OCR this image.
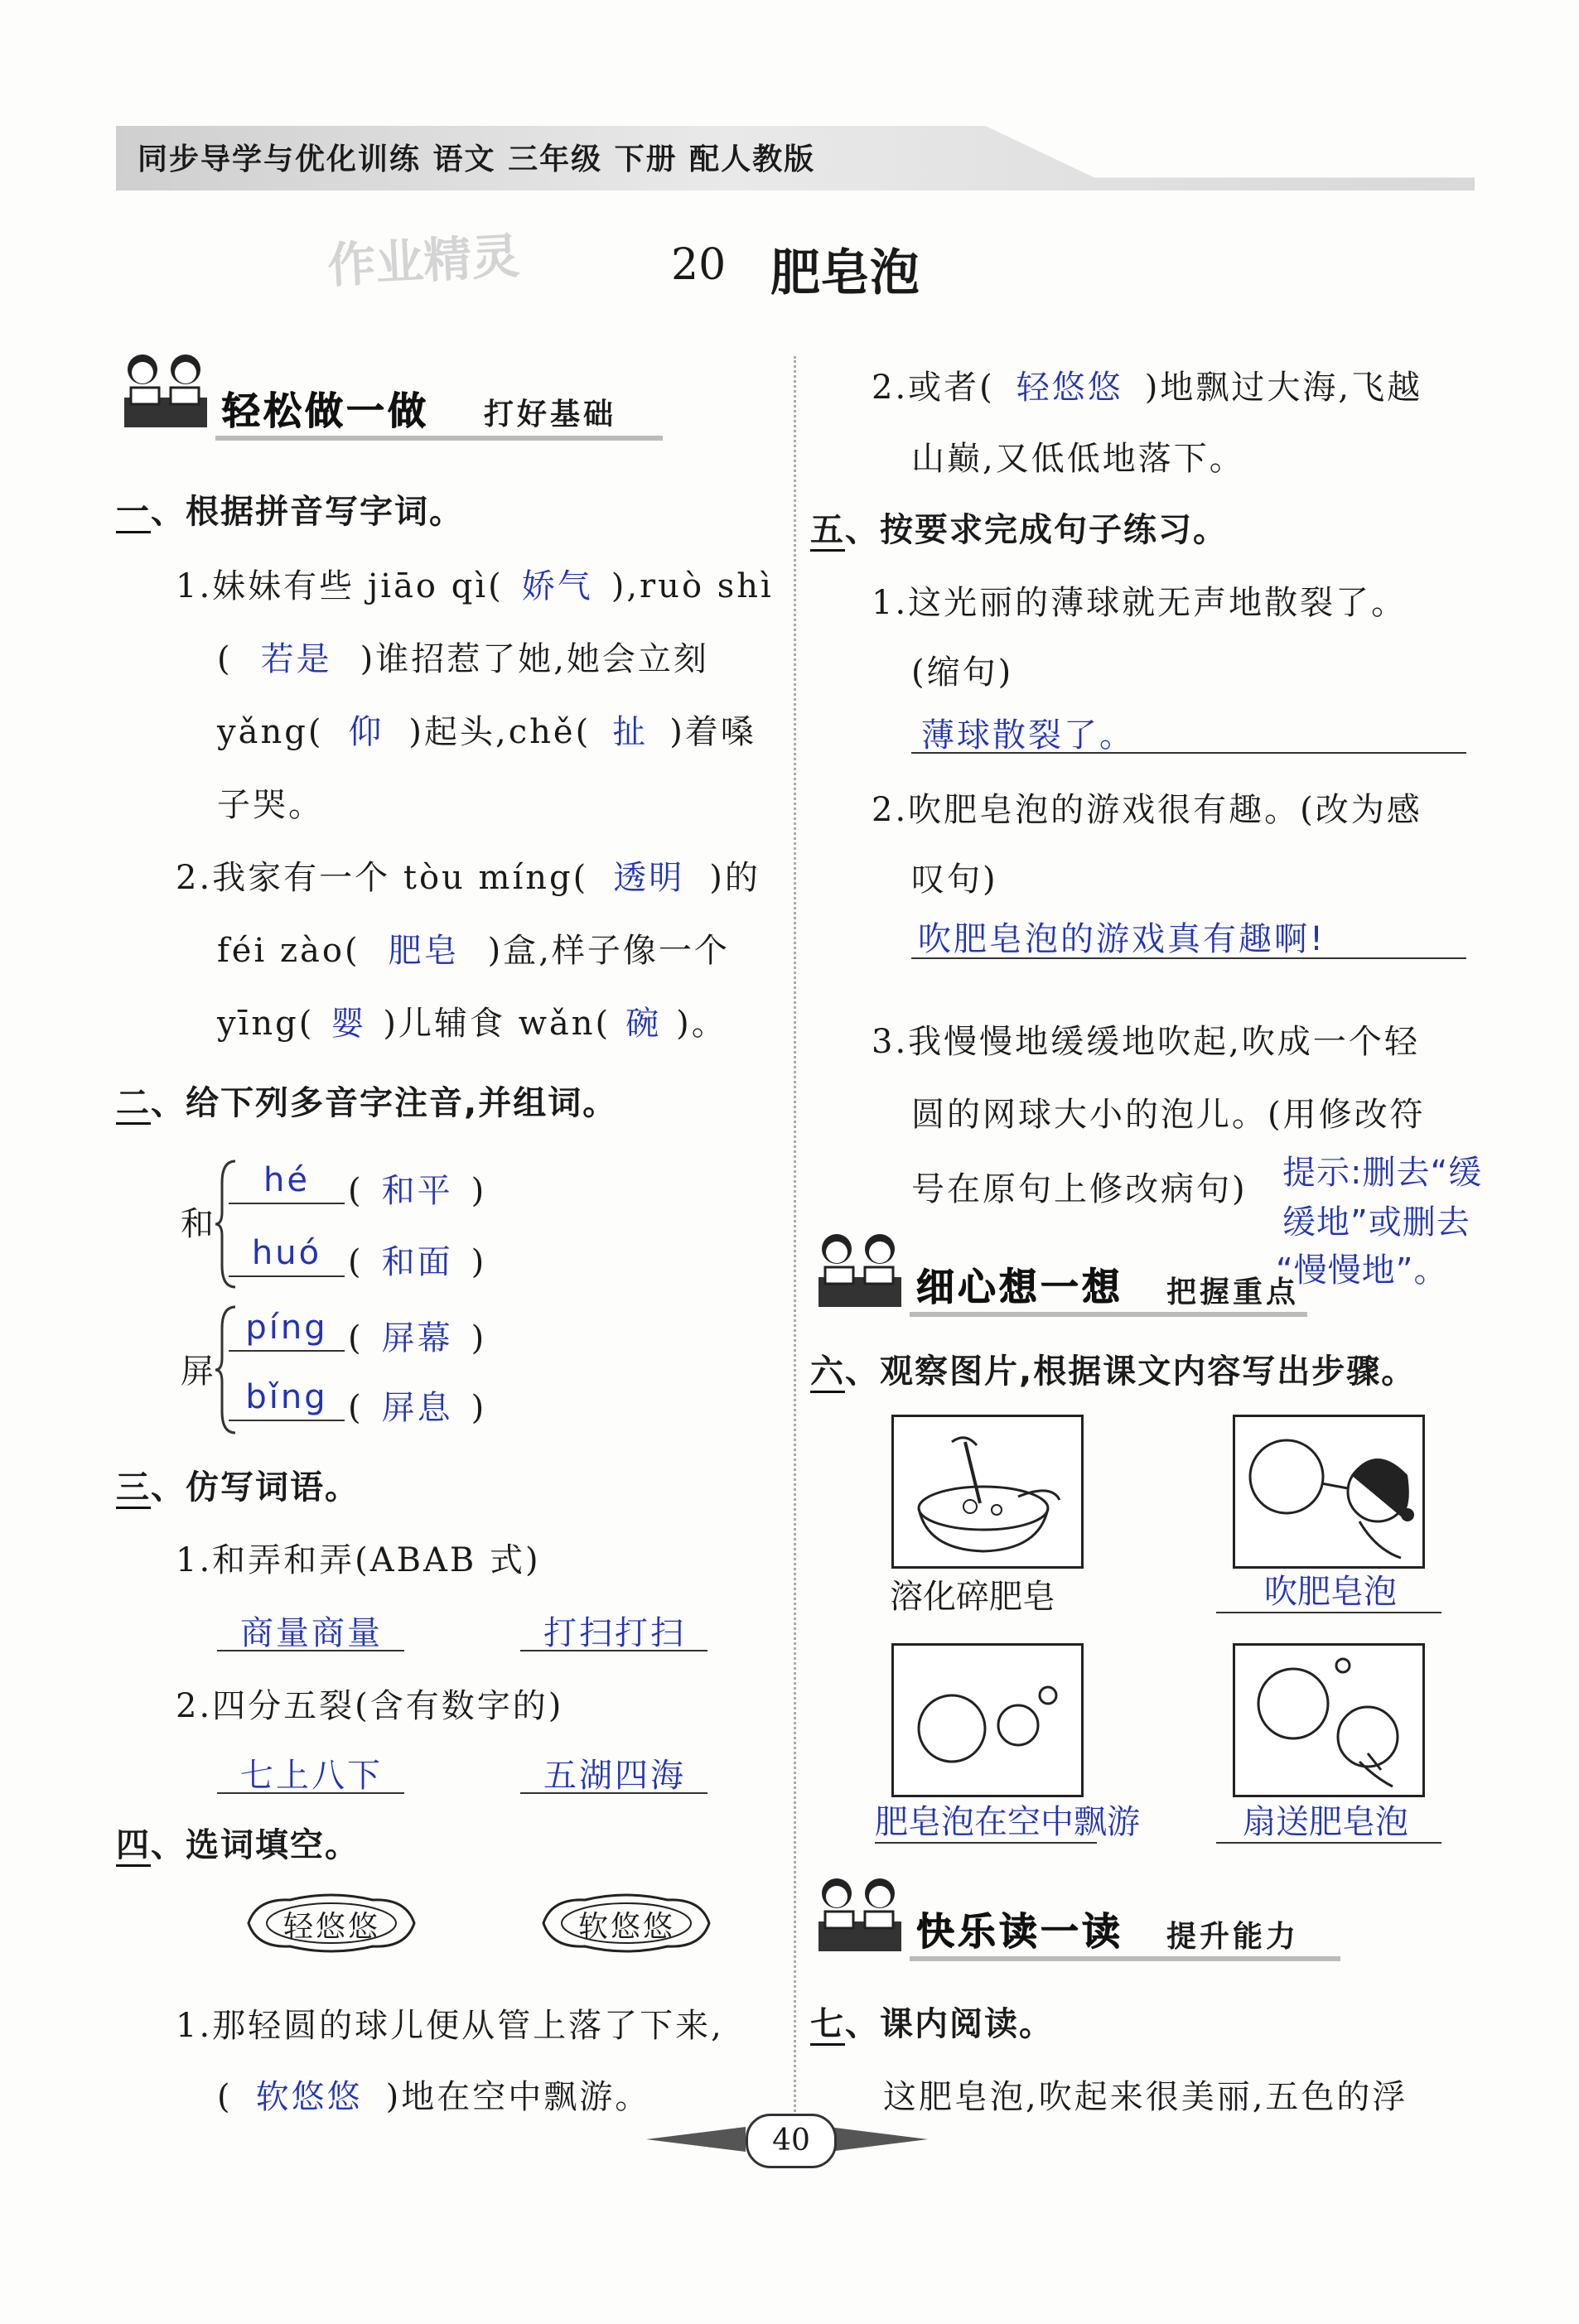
同步导学与优化训练 语文 三年级 下册 配人教版
作业精灵	20 肥皂泡
轻松做一做 打好基础
一、根据拼音写字词。
1.妹妹有些 jiāo qì( 娇气 ),ruò shì
( 若是 )谁招惹了她,她会立刻
yǎng( 仰 )起头,chě( 扯 )着嗓
子哭。
2.我家有一个 tòu míng( 透明 )的
féi zào( 肥皂 )盒,样子像一个
yīng( 婴 )儿辅食 wǎn( 碗 )。
二、给下列多音字注音,并组词。
和
hé	( 和平 )
huó ( 和面 )
屏
píng ( 屏幕 )
bǐng ( 屏息 )
三、仿写词语。
1.和弄和弄(ABAB 式)
商量商量	打扫打扫
2.四分五裂(含有数字的)
七上八下	五湖四海
四、选词填空。
轻悠悠	软悠悠
1.那轻圆的球儿便从管上落了下来,
( 软悠悠 )地在空中飘游。
2.或者( 轻悠悠 )地飘过大海,飞越
山巅,又低低地落下。
五、按要求完成句子练习。
1.这光丽的薄球就无声地散裂了。
(缩句)
薄球散裂了。
2.吹肥皂泡的游戏很有趣。(改为感
叹句)
吹肥皂泡的游戏真有趣啊!
3.我慢慢地缓缓地吹起,吹成一个轻
圆的网球大小的泡儿。(用修改符
号在原句上修改病句) 提示:删去“缓
缓地”或删去
“慢慢地”。
细心想一想 把握重点
六、观察图片,根据课文内容写出步骤。
溶化碎肥皂	吹肥皂泡
肥皂泡在空中飘游	扇送肥皂泡
快乐读一读 提升能力
七、课内阅读。
这肥皂泡,吹起来很美丽,五色的浮
40
